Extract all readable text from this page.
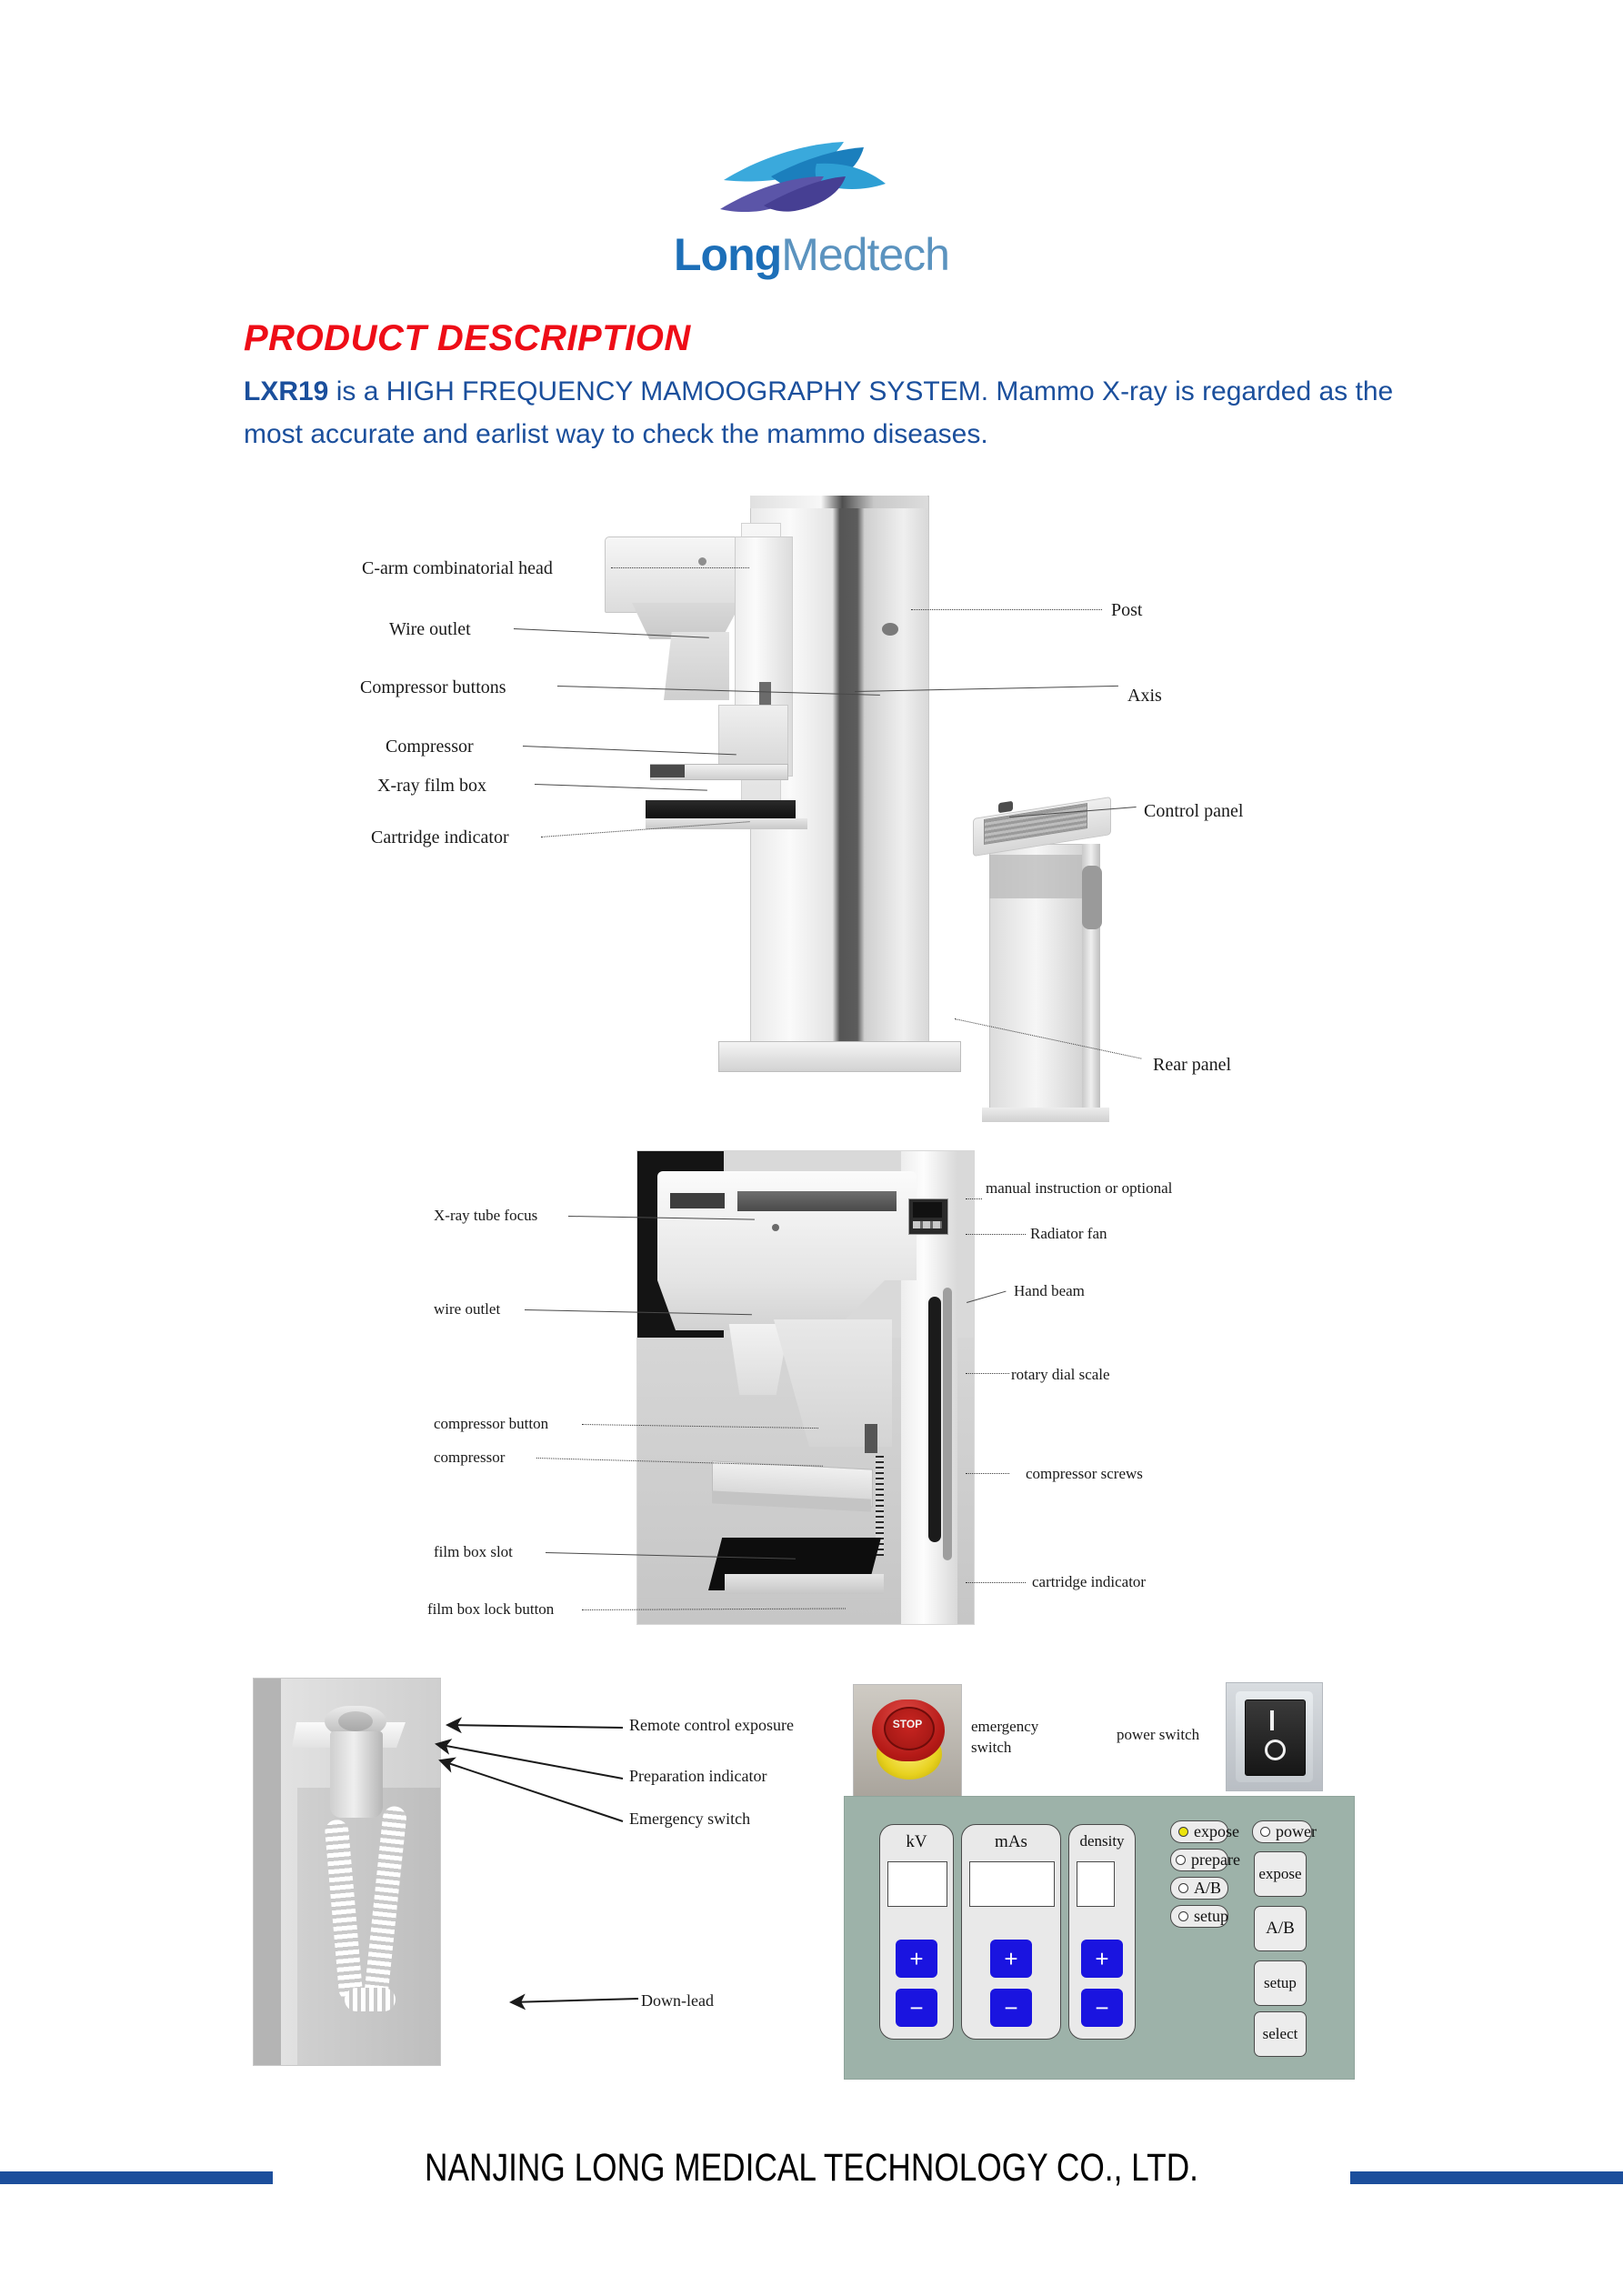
LongMedtech
PRODUCT DESCRIPTION
LXR19 is a HIGH FREQUENCY MAMOOGRAPHY SYSTEM. Mammo X-ray is regarded as the most accurate and earlist way to check the mammo diseases.
C-arm combinatorial head
Wire outlet
Compressor buttons
Compressor
X-ray film box
Cartridge indicator
Post
Axis
Control panel
Rear panel
X-ray tube focus
wire outlet
compressor button
compressor
film box slot
film box lock button
manual instruction or optional
Radiator fan
Hand beam
rotary dial scale
compressor screws
cartridge indicator
Remote control exposure
Preparation indicator
Emergency switch
Down-lead
STOP	emergency
switch
power switch
kV
+
−
mAs
+
−
density
+
−
expose
prepare
A/B
setup
power
expose
A/B
setup
select
NANJING LONG MEDICAL TECHNOLOGY CO., LTD.
